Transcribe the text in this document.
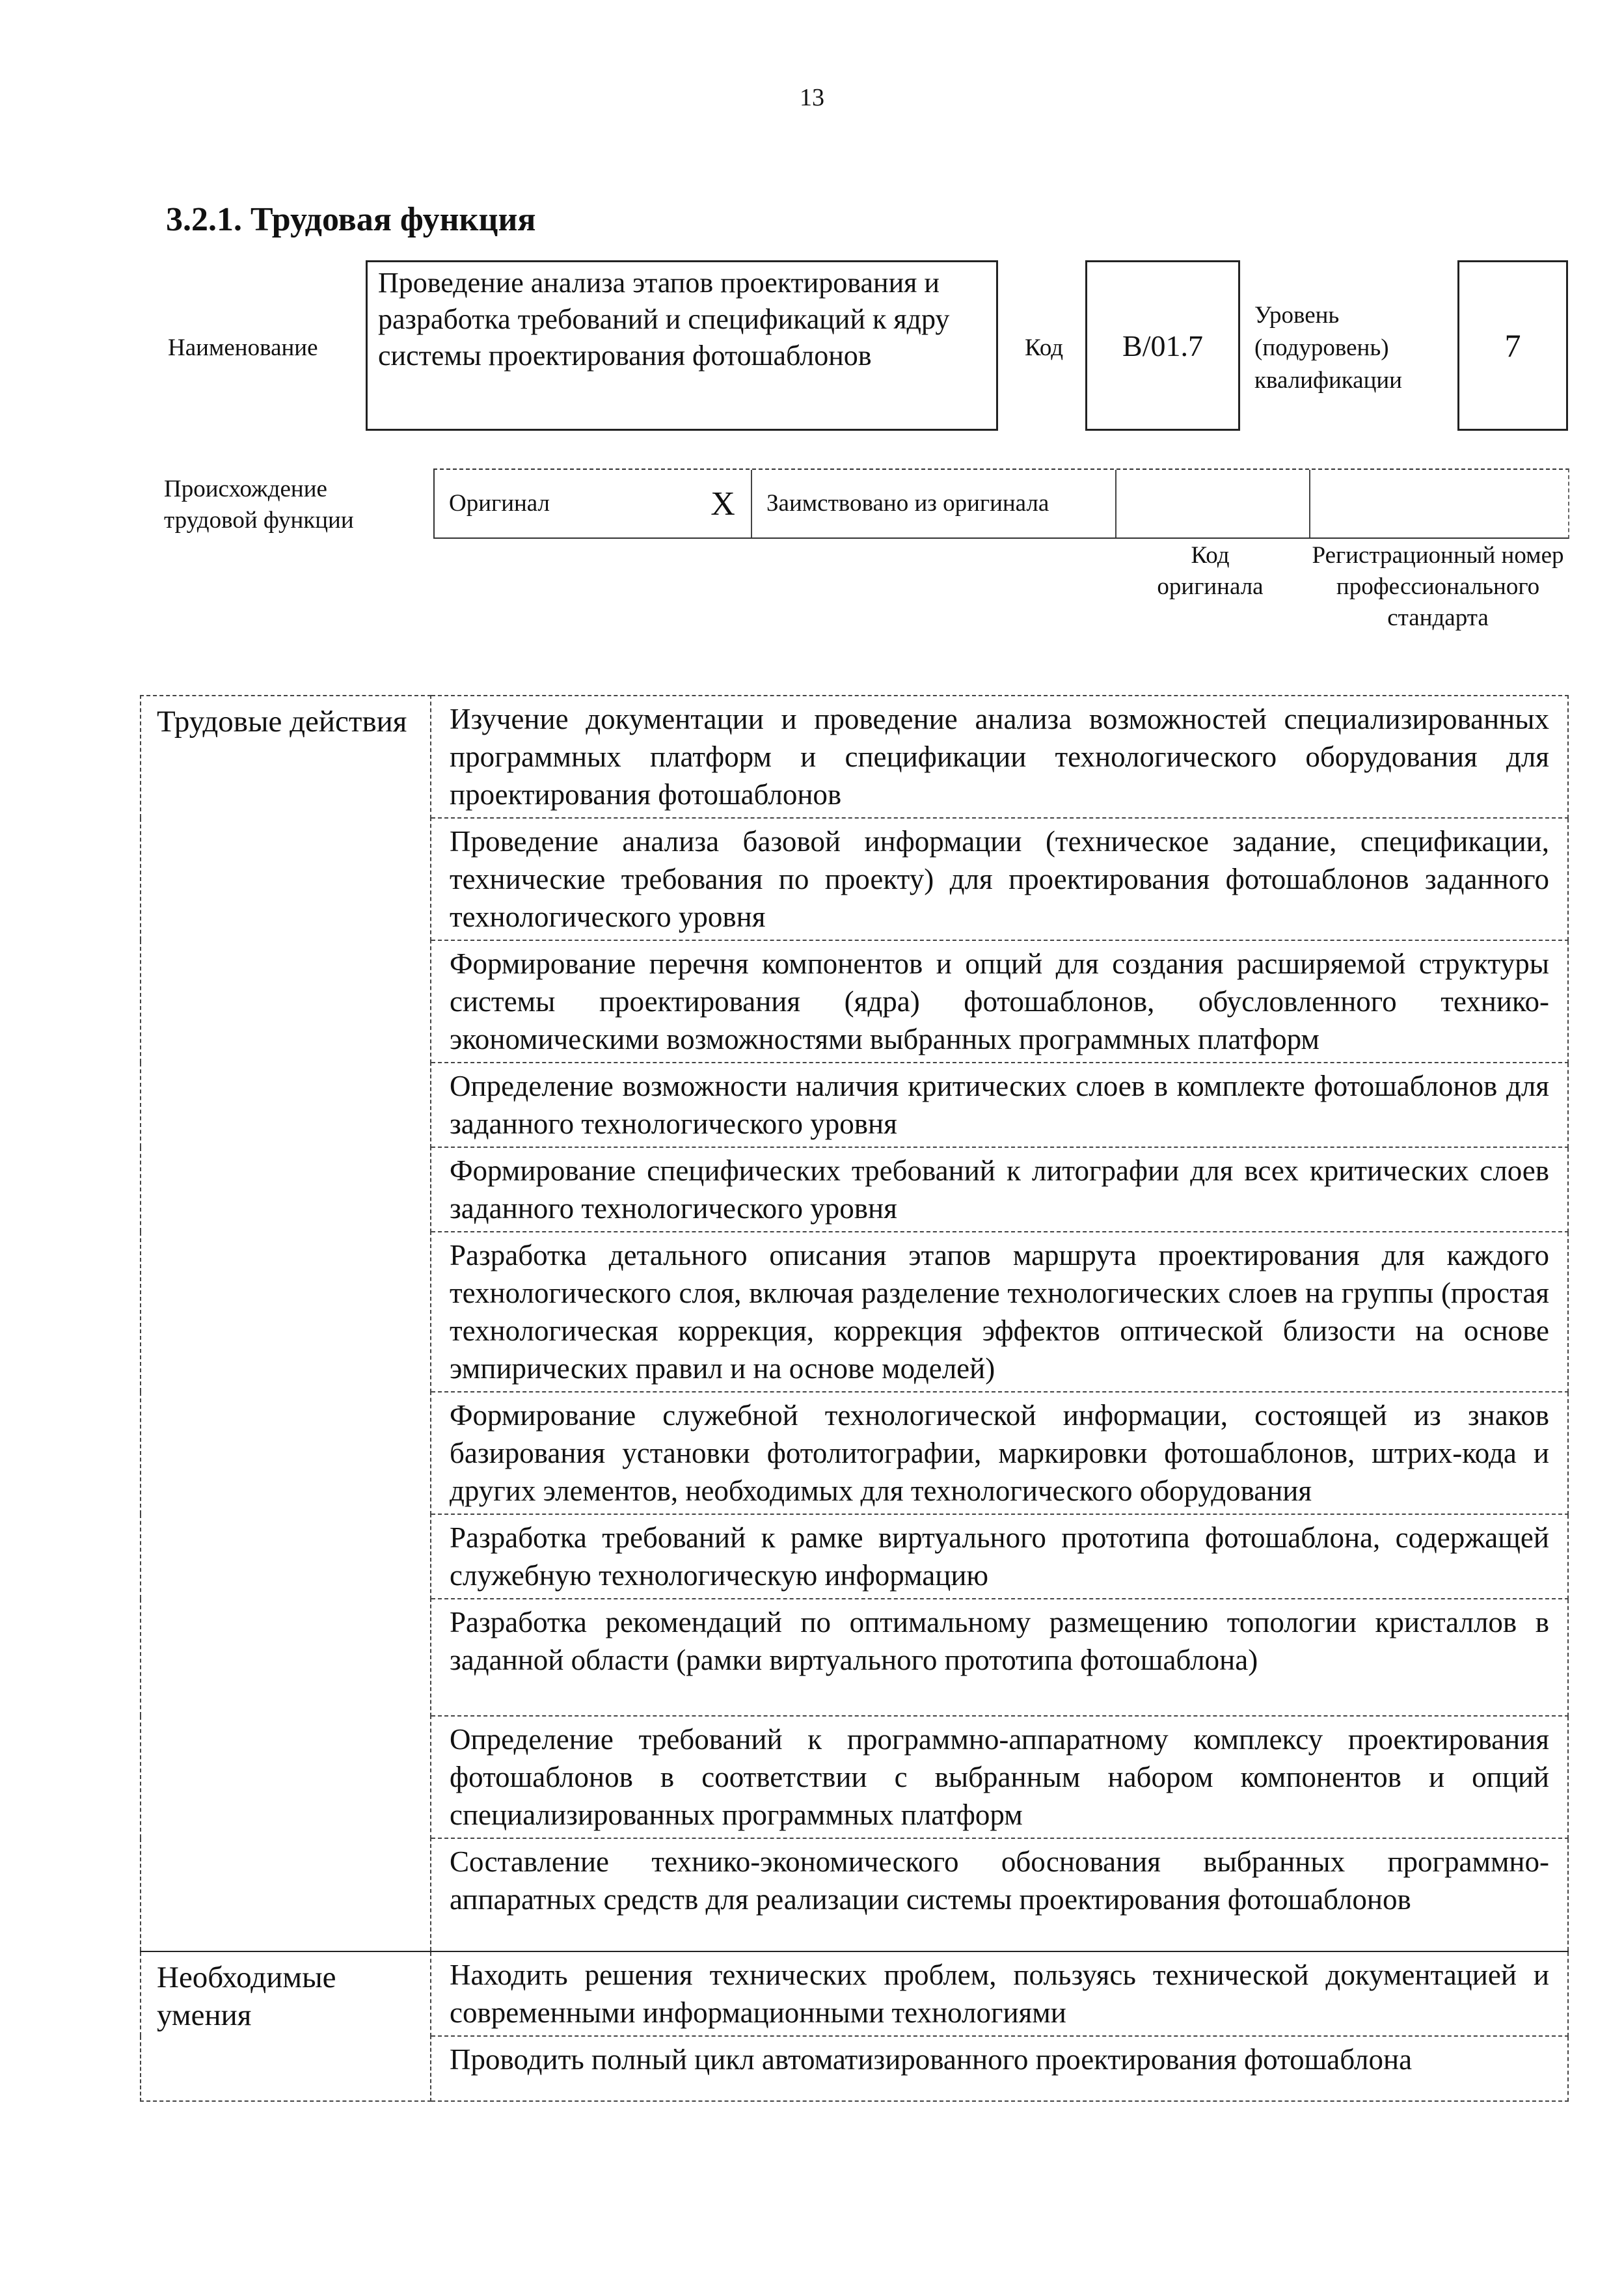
13
3.2.1. Трудовая функция
Наименование
Проведение анализа этапов проектирования и разработка требований и спецификаций к ядру системы проектирования фотошаблонов	Код B/01.7
Уровень (подуровень) квалификации
7
Происхождение трудовой функции
Оригинал	X Заимствовано из оригинала
Код оригинала
Регистрационный номер профессионального стандарта
Трудовые действия	Изучение документации и проведение анализа возможностей специализированных программных платформ и спецификации технологического оборудования для проектирования фотошаблонов
	Проведение анализа базовой информации (техническое задание, спецификации, технические требования по проекту) для проектирования фотошаблонов заданного технологического уровня
	Формирование перечня компонентов и опций для создания расширяемой структуры системы проектирования (ядра) фотошаблонов, обусловленного технико-экономическими возможностями выбранных программных платформ
	Определение возможности наличия критических слоев в комплекте фотошаблонов для заданного технологического уровня
	Формирование специфических требований к литографии для всех критических слоев заданного технологического уровня
	Разработка детального описания этапов маршрута проектирования для каждого технологического слоя, включая разделение технологических слоев на группы (простая технологическая коррекция, коррекция эффектов оптической близости на основе эмпирических правил и на основе моделей)
	Формирование служебной технологической информации, состоящей из знаков базирования установки фотолитографии, маркировки фотошаблонов, штрих-кода и других элементов, необходимых для технологического оборудования
	Разработка требований к рамке виртуального прототипа фотошаблона, содержащей служебную технологическую информацию
	Разработка рекомендаций по оптимальному размещению топологии кристаллов в заданной области (рамки виртуального прототипа фотошаблона)
	Определение требований к программно-аппаратному комплексу проектирования фотошаблонов в соответствии с выбранным набором компонентов и опций специализированных программных платформ
	Составление технико-экономического обоснования выбранных программно-аппаратных средств для реализации системы проектирования фотошаблонов
Необходимые умения	Находить решения технических проблем, пользуясь технической документацией и современными информационными технологиями
	Проводить полный цикл автоматизированного проектирования фотошаблона
